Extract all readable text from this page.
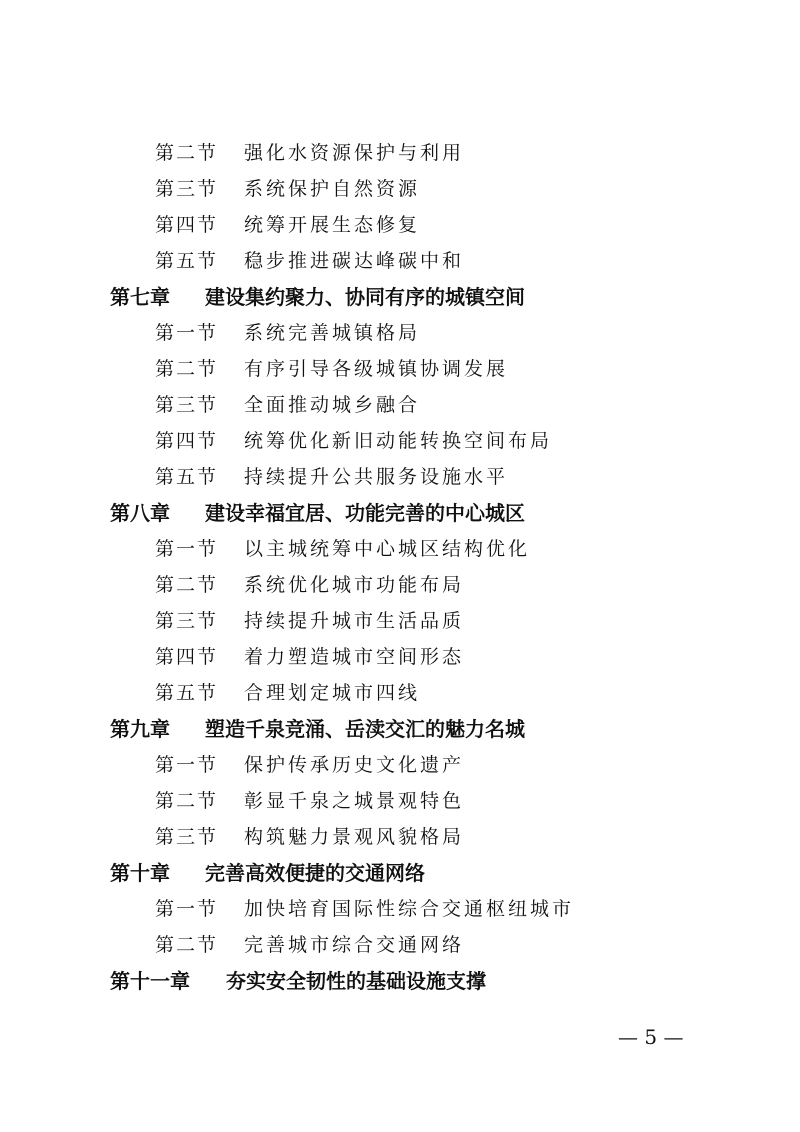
第二节 强化水资源保护与利用
第三节 系统保护自然资源
第四节 统筹开展生态修复
第五节 稳步推进碳达峰碳中和
第七章 建设集约聚力、协同有序的城镇空间
第一节 系统完善城镇格局
第二节 有序引导各级城镇协调发展
第三节 全面推动城乡融合
第四节 统筹优化新旧动能转换空间布局
第五节 持续提升公共服务设施水平
第八章 建设幸福宜居、功能完善的中心城区
第一节 以主城统筹中心城区结构优化
第二节 系统优化城市功能布局
第三节 持续提升城市生活品质
第四节 着力塑造城市空间形态
第五节 合理划定城市四线
第九章 塑造千泉竞涌、岳渎交汇的魅力名城
第一节 保护传承历史文化遗产
第二节 彰显千泉之城景观特色
第三节 构筑魅力景观风貌格局
第十章 完善高效便捷的交通网络
第一节 加快培育国际性综合交通枢纽城市
第二节 完善城市综合交通网络
第十一章 夯实安全韧性的基础设施支撑
— 5 —
